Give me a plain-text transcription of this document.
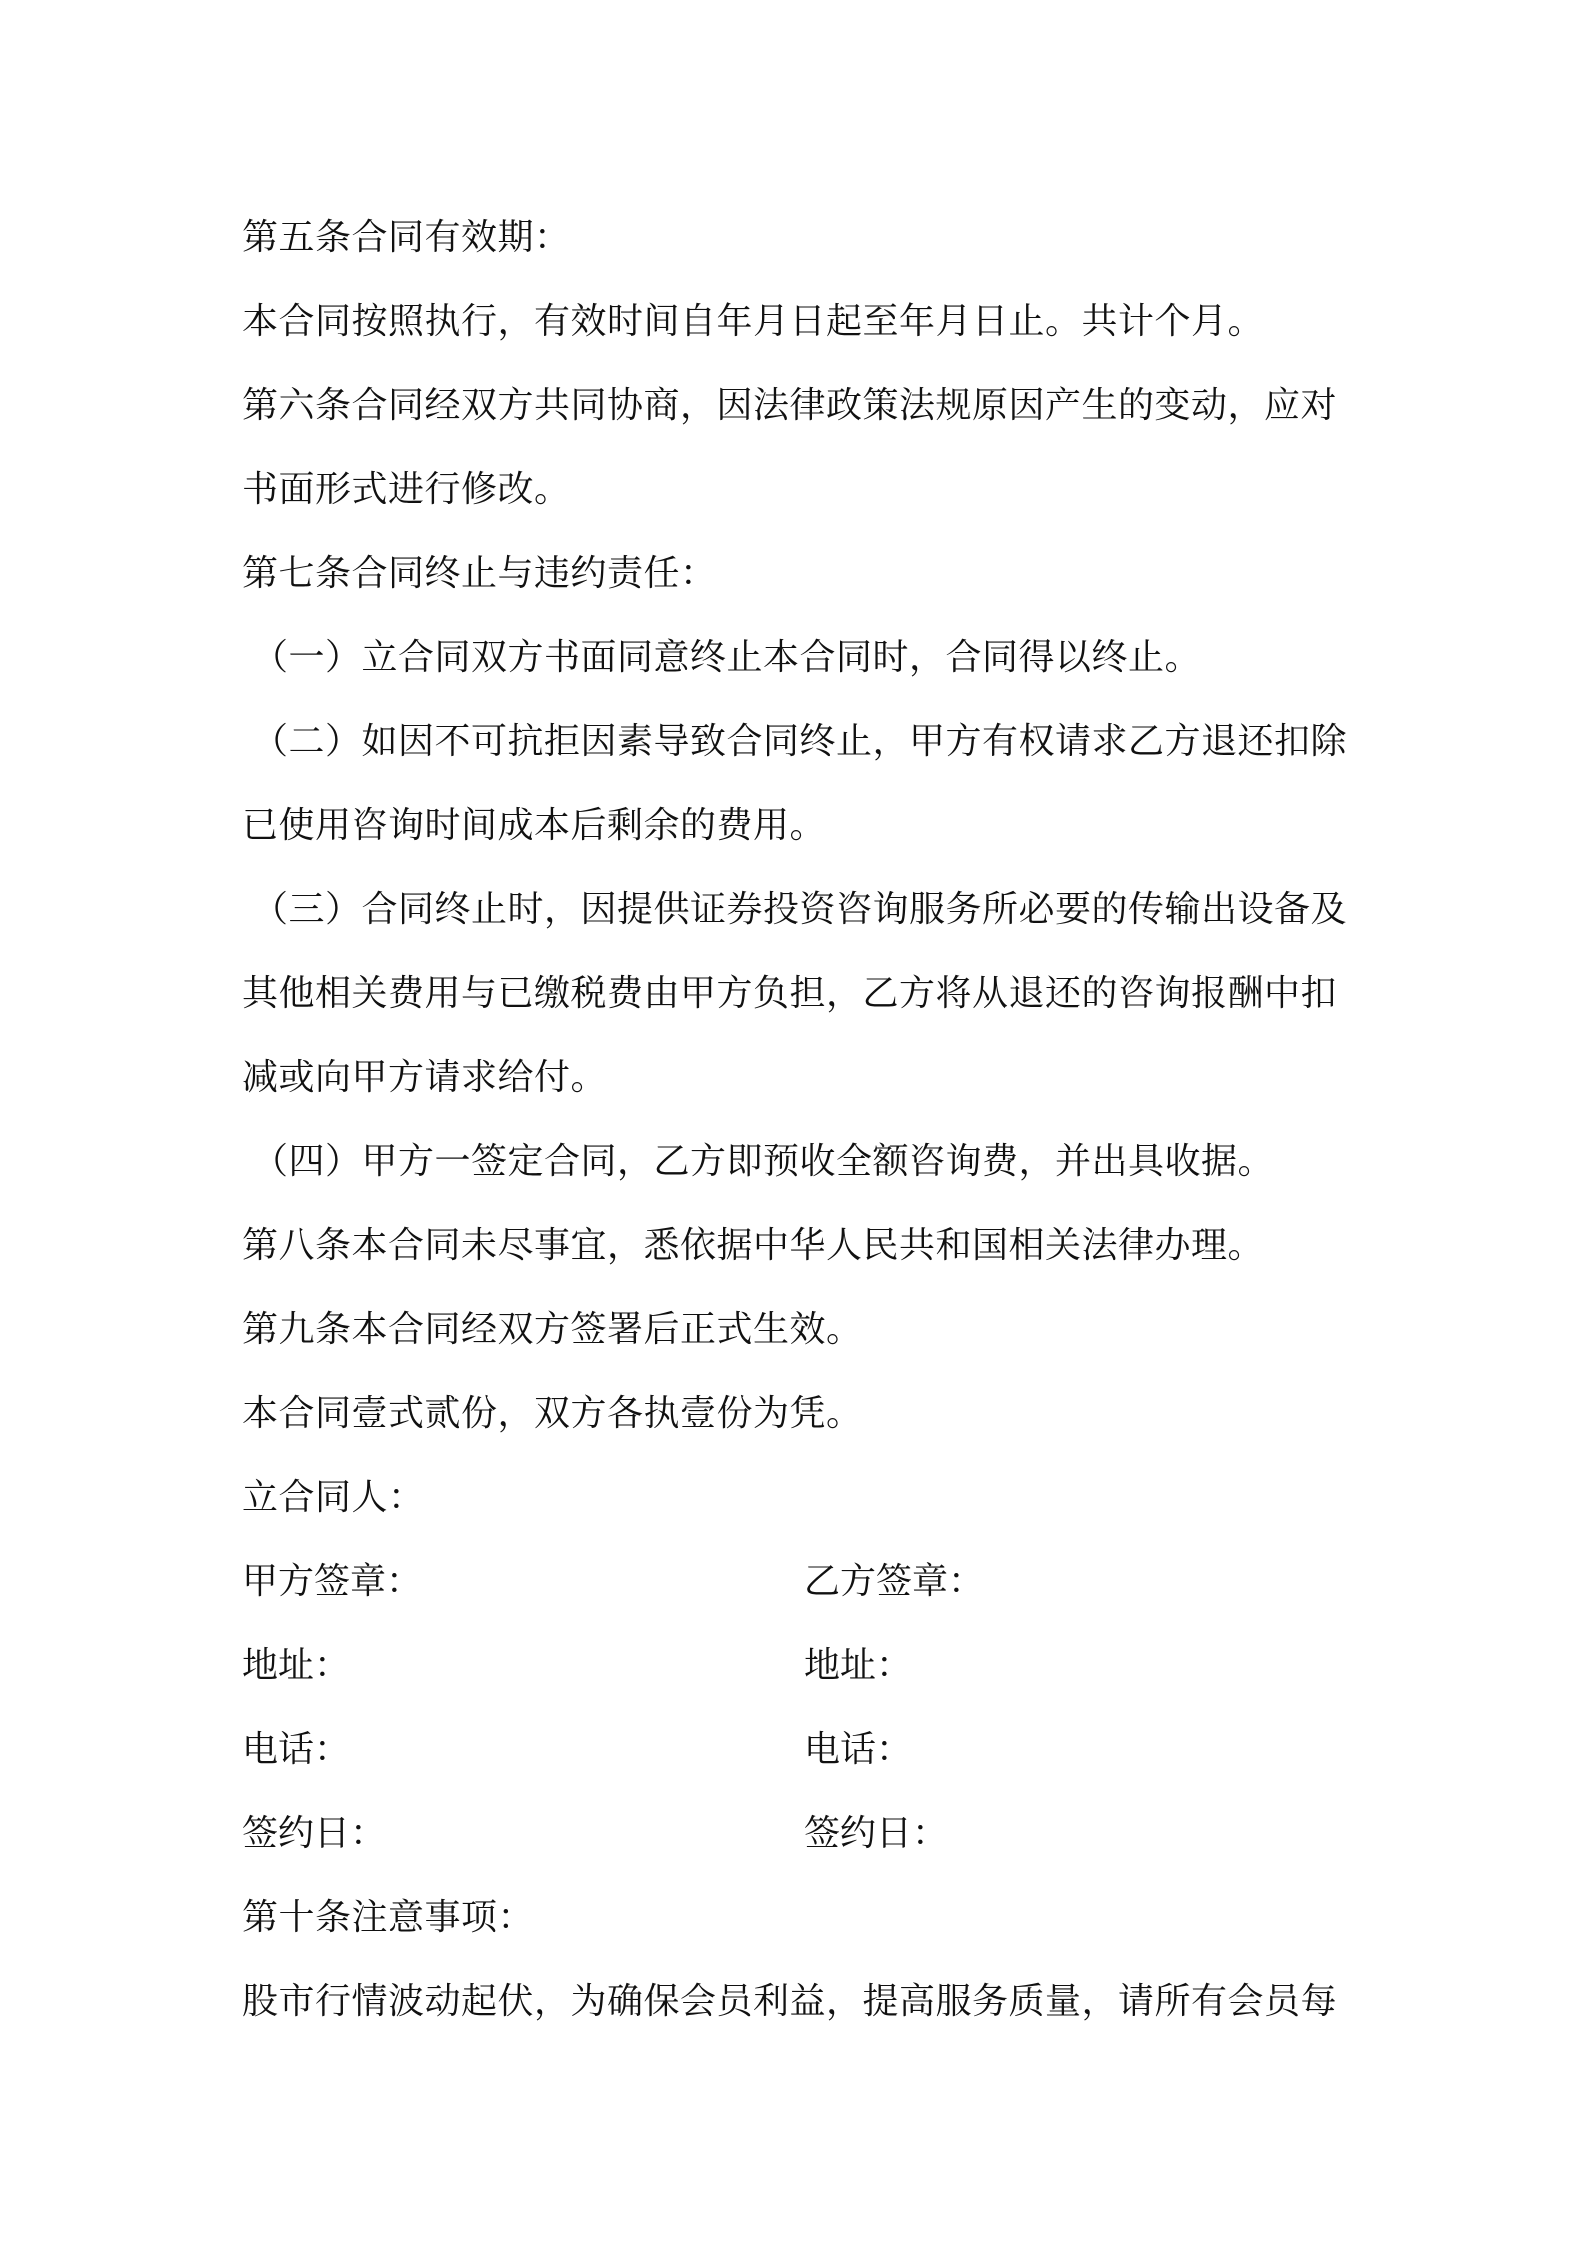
第五条合同有效期：
本合同按照执行，有效时间自年月日起至年月日止。共计个月。
第六条合同经双方共同协商，因法律政策法规原因产生的变动，应对
书面形式进行修改。
第七条合同终止与违约责任：
（一）立合同双方书面同意终止本合同时，合同得以终止。
（二）如因不可抗拒因素导致合同终止，甲方有权请求乙方退还扣除
已使用咨询时间成本后剩余的费用。
（三）合同终止时，因提供证券投资咨询服务所必要的传输出设备及
其他相关费用与已缴税费由甲方负担，乙方将从退还的咨询报酬中扣
减或向甲方请求给付。
（四）甲方一签定合同，乙方即预收全额咨询费，并出具收据。
第八条本合同未尽事宜，悉依据中华人民共和国相关法律办理。
第九条本合同经双方签署后正式生效。
本合同壹式贰份，双方各执壹份为凭。
立合同人：
甲方签章：	乙方签章：
地址：	地址：
电话：	电话：
签约日：	签约日：
第十条注意事项：
股市行情波动起伏，为确保会员利益，提高服务质量，请所有会员每
